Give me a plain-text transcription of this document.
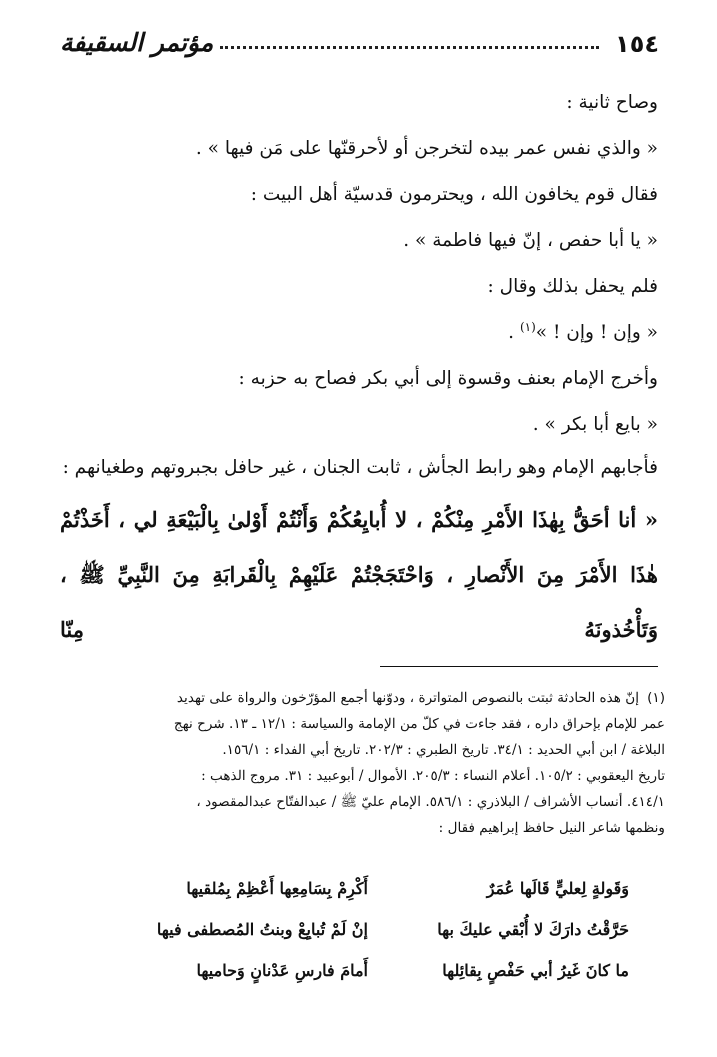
١٥٤
مؤتمر السقيفة

وصاح ثانية :

« والذي نفس عمر بيده لتخرجن أو لأحرقنّها على مَن فيها » .

فقال قوم يخافون الله ، ويحترمون قدسيّة أهل البيت :

« يا أبا حفص ، إنّ فيها فاطمة » .

فلم يحفل بذلك وقال :

« وإن ! وإن ! »$^{(١)}$ .

وأخرج الإمام بعنف وقسوة إلى أبي بكر فصاح به حزبه :

« بايع أبا بكر » .

فأجابهم الإمام وهو رابط الجأش ، ثابت الجنان ، غير حافل بجبروتهم وطغيانهم :

« أنا أحَقُّ بِهٰذَا الأَمْرِ مِنْكُمْ ، لا أُبايِعُكُمْ وَأَنْتُمْ أَوْلىٰ بِالْبَيْعَةِ لي ، أَخَذْتُمْ هٰذَا الأَمْرَ مِنَ الأَنْصارِ ، وَاحْتَجَجْتُمْ عَلَيْهِمْ بِالْقَرابَةِ مِنَ النَّبِيِّ ﷺ ، وَتَأْخُذونَهُ مِنّا

(١)إنّ هذه الحادثة ثبتت بالنصوص المتواترة ، ودوّنها أجمع المؤرّخون والرواة على تهديد

عمر للإمام بإحراق داره ، فقد جاءت في كلّ من الإمامة والسياسة : ١٢/١ ـ ١٣. شرح نهج

البلاغة / ابن أبي الحديد : ٣٤/١. تاريخ الطبري : ٢٠٢/٣. تاريخ أبي الفداء : ١٥٦/١.

تاريخ اليعقوبي : ١٠٥/٢. أعلام النساء : ٢٠٥/٣. الأموال / أبوعبيد : ٣١. مروج الذهب :

٤١٤/١. أنساب الأشراف / البلاذري : ٥٨٦/١. الإمام عليّ ﷺ / عبدالفتّاح عبدالمقصود ،

ونظمها شاعر النيل حافظ إبراهيم فقال :

وَقَولةٍ لِعليٍّ قَالَها عُمَرٌ
أَكْرِمْ بِسَامِعِها أَعْظِمْ بِمُلقيها
حَرَّقْتُ دارَكَ لا أُبْقي عليكَ بها
إنْ لَمْ تُبايِعْ وبنتُ المُصطفى فيها
ما كانَ غَيرُ أبي حَفْصٍ بِقائِلها
أَمامَ فارسِ عَدْنانٍ وَحاميها
